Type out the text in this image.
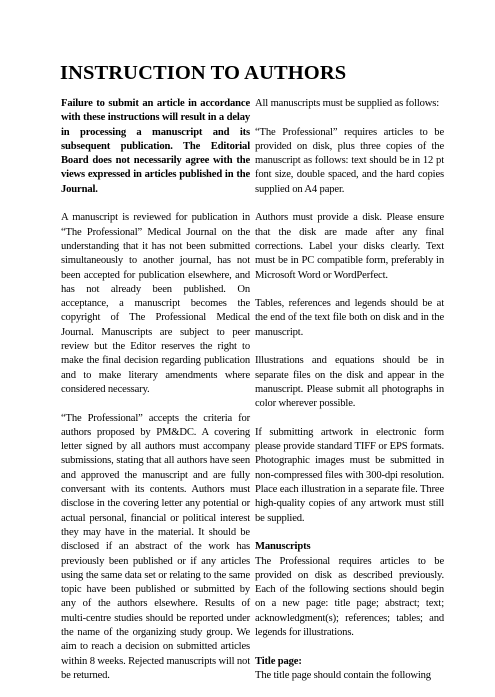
INSTRUCTION TO AUTHORS

Failure to submit an article in accordance with these instructions will result in a delay in processing a manuscript and its subsequent publication. The Editorial Board does not necessarily agree with the views expressed in articles published in the Journal.

A manuscript is reviewed for publication in “The Professional” Medical Journal on the understanding that it has not been submitted simultaneously to another journal, has not been accepted for publication elsewhere, and has not already been published. On acceptance, a manuscript becomes the copyright of The Professional Medical Journal. Manuscripts are subject to peer review but the Editor reserves the right to make the final decision regarding publication and to make literary amendments where considered necessary.

“The Professional” accepts the criteria for authors proposed by PM&DC. A covering letter signed by all authors must accompany submissions, stating that all authors have seen and approved the manuscript and are fully conversant with its contents. Authors must disclose in the covering letter any potential or actual personal, financial or political interest they may have in the material. It should be disclosed if an abstract of the work has previously been published or if any articles using the same data set or relating to the same topic have been published or submitted by any of the authors elsewhere. Results of multi-centre studies should be reported under the name of the organizing study group. We aim to reach a decision on submitted articles within 8 weeks. Rejected manuscripts will not be returned.

All manuscripts must be supplied as follows:

“The Professional” requires articles to be provided on disk, plus three copies of the manuscript as follows: text should be in 12 pt font size, double spaced, and the hard copies supplied on A4 paper.

Authors must provide a disk. Please ensure that the disk are made after any final corrections. Label your disks clearly. Text must be in PC compatible form, preferably in Microsoft Word or WordPerfect.

Tables, references and legends should be at the end of the text file both on disk and in the manuscript.

Illustrations and equations should be in separate files on the disk and appear in the manuscript. Please submit all photographs in color wherever possible.

If submitting artwork in electronic form please provide standard TIFF or EPS formats. Photographic images must be submitted in non-compressed files with 300-dpi resolution. Place each illustration in a separate file. Three high-quality copies of any artwork must still be supplied.

Manuscripts

The Professional requires articles to be provided on disk as described previously. Each of the following sections should begin on a new page: title page; abstract; text; acknowledgment(s); references; tables; and legends for illustrations.

Title page:

The title page should contain the following
